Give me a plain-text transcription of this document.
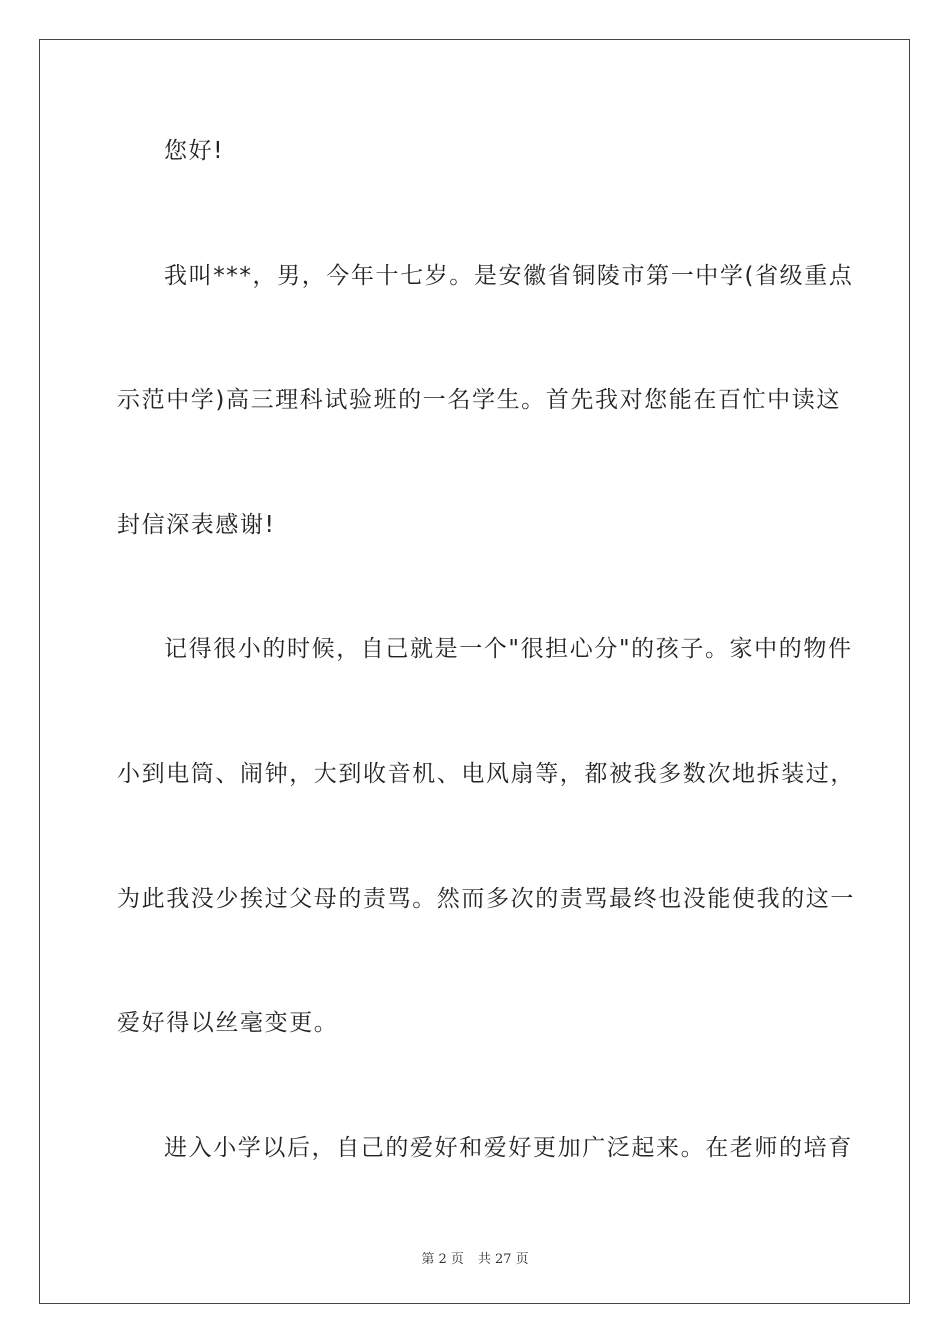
您好!
我叫***，男，今年十七岁。是安徽省铜陵市第一中学(省级重点
示范中学)高三理科试验班的一名学生。首先我对您能在百忙中读这
封信深表感谢!
记得很小的时候，自己就是一个"很担心分"的孩子。家中的物件
小到电筒、闹钟，大到收音机、电风扇等，都被我多数次地拆装过，
为此我没少挨过父母的责骂。然而多次的责骂最终也没能使我的这一
爱好得以丝毫变更。
进入小学以后，自己的爱好和爱好更加广泛起来。在老师的培育
第 2 页 共 27 页
